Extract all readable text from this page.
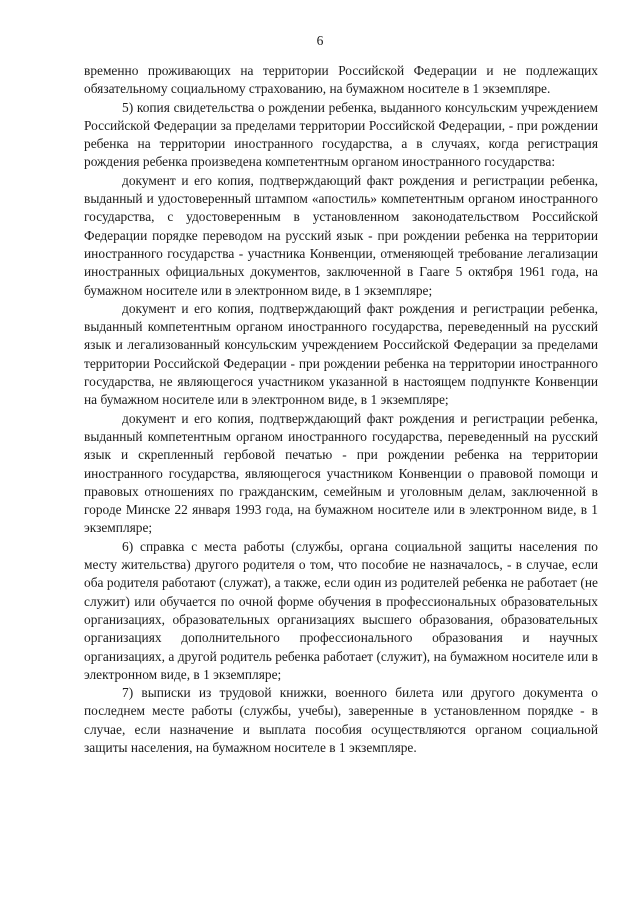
6

временно проживающих на территории Российской Федерации и не подлежащих обязательному социальному страхованию, на бумажном носителе в 1 экземпляре.

5) копия свидетельства о рождении ребенка, выданного консульским учреждением Российской Федерации за пределами территории Российской Федерации, - при рождении ребенка на территории иностранного государства, а в случаях, когда регистрация рождения ребенка произведена компетентным органом иностранного государства:

документ и его копия, подтверждающий факт рождения и регистрации ребенка, выданный и удостоверенный штампом «апостиль» компетентным органом иностранного государства, с удостоверенным в установленном законодательством Российской Федерации порядке переводом на русский язык - при рождении ребенка на территории иностранного государства - участника Конвенции, отменяющей требование легализации иностранных официальных документов, заключенной в Гааге 5 октября 1961 года, на бумажном носителе или в электронном виде, в 1 экземпляре;

документ и его копия, подтверждающий факт рождения и регистрации ребенка, выданный компетентным органом иностранного государства, переведенный на русский язык и легализованный консульским учреждением Российской Федерации за пределами территории Российской Федерации - при рождении ребенка на территории иностранного государства, не являющегося участником указанной в настоящем подпункте Конвенции на бумажном носителе или в электронном виде, в 1 экземпляре;

документ и его копия, подтверждающий факт рождения и регистрации ребенка, выданный компетентным органом иностранного государства, переведенный на русский язык и скрепленный гербовой печатью - при рождении ребенка на территории иностранного государства, являющегося участником Конвенции о правовой помощи и правовых отношениях по гражданским, семейным и уголовным делам, заключенной в городе Минске 22 января 1993 года, на бумажном носителе или в электронном виде, в 1 экземпляре;

6) справка с места работы (службы, органа социальной защиты населения по месту жительства) другого родителя о том, что пособие не назначалось, - в случае, если оба родителя работают (служат), а также, если один из родителей ребенка не работает (не служит) или обучается по очной форме обучения в профессиональных образовательных организациях, образовательных организациях высшего образования, образовательных организациях дополнительного профессионального образования и научных организациях, а другой родитель ребенка работает (служит), на бумажном носителе или в электронном виде, в 1 экземпляре;

7) выписки из трудовой книжки, военного билета или другого документа о последнем месте работы (службы, учебы), заверенные в установленном порядке - в случае, если назначение и выплата пособия осуществляются органом социальной защиты населения, на бумажном носителе в 1 экземпляре.
